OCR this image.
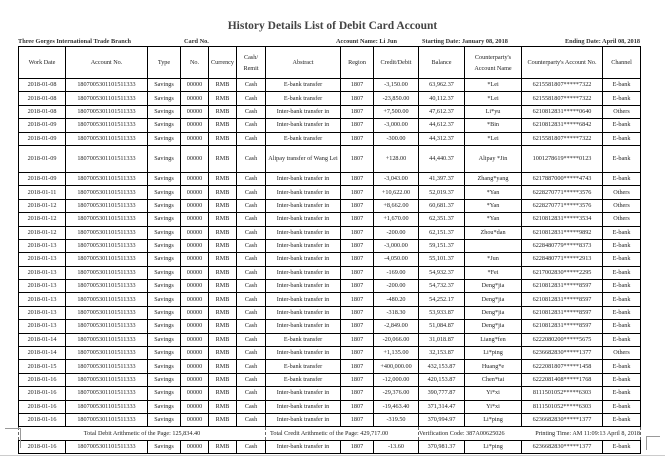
History Details List of Debit Card Account
Three Gorges International Trade Branch	Card No.	Account Name: Li Jun	Starting Date: January 08, 2018	Ending Date: April 08, 2018
Work Date	Account No.	Type	No.	Currency	Cash/ Remit	Abstract	Region	Credit/Debit	Balance	Counterparty's Account Name	Counterparty's Account No.	Channel
2018-01-08	1807005301101511333	Savings	00000	RMB	Cash	E-bank transfer	1807	-3,150.00	63,962.37	*Lei	6215581807*****7322	E-bank
2018-01-08	1807005301101511333	Savings	00000	RMB	Cash	E-bank transfer	1807	-23,850.00	40,112.37	*Lei	6215581807*****7322	E-bank
2018-01-08	1807005301101511333	Savings	00000	RMB	Cash	Inter-bank transfer in	1807	+7,500.00	47,612.37	Li*yu	6210812831*****0640	Others
2018-01-09	1807005301101511333	Savings	00000	RMB	Cash	Inter-bank transfer in	1807	-3,000.00	44,612.37	*Bin	6210812831*****6842	E-bank
2018-01-09	1807005301101511333	Savings	00000	RMB	Cash	E-bank transfer	1807	-300.00	44,312.37	*Lei	6215581807*****7322	E-bank
2018-01-09	1807005301101511333	Savings	00000	RMB	Cash	Alipay transfer of Wang Lei	1807	+128.00	44,440.37	Alipay *Jin	1001278619*****0123	E-bank
2018-01-09	1807005301101511333	Savings	00000	RMB	Cash	Inter-bank transfer in	1807	-3,043.00	41,397.37	Zhang*yang	6217887000*****4743	E-bank
2018-01-11	1807005301101511333	Savings	00000	RMB	Cash	Inter-bank transfer in	1807	+10,622.00	52,019.37	*Yan	6228270771*****3576	Others
2018-01-12	1807005301101511333	Savings	00000	RMB	Cash	Inter-bank transfer in	1807	+8,662.00	60,681.37	*Yan	6228270771*****3576	Others
2018-01-12	1807005301101511333	Savings	00000	RMB	Cash	Inter-bank transfer in	1807	+1,670.00	62,351.37	*Yan	6210812831*****3534	Others
2018-01-12	1807005301101511333	Savings	00000	RMB	Cash	Inter-bank transfer in	1807	-200.00	62,151.37	Zhou*dan	6210812831*****9892	E-bank
2018-01-13	1807005301101511333	Savings	00000	RMB	Cash	Inter-bank transfer in	1807	-3,000.00	59,151.37		6228480779*****8373	E-bank
2018-01-13	1807005301101511333	Savings	00000	RMB	Cash	Inter-bank transfer in	1807	-4,050.00	55,101.37	*Jun	6228480771*****2913	E-bank
2018-01-13	1807005301101511333	Savings	00000	RMB	Cash	Inter-bank transfer in	1807	-169.00	54,932.37	*Fei	6217002830*****2295	E-bank
2018-01-13	1807005301101511333	Savings	00000	RMB	Cash	Inter-bank transfer in	1807	-200.00	54,732.37	Deng*jia	6210812831*****8597	E-bank
2018-01-13	1807005301101511333	Savings	00000	RMB	Cash	Inter-bank transfer in	1807	-480.20	54,252.17	Deng*jia	6210812831*****8597	E-bank
2018-01-13	1807005301101511333	Savings	00000	RMB	Cash	Inter-bank transfer in	1807	-318.30	53,933.87	Deng*jia	6210812831*****8597	E-bank
2018-01-13	1807005301101511333	Savings	00000	RMB	Cash	Inter-bank transfer in	1807	-2,849.00	51,084.87	Deng*jia	6210812831*****8597	E-bank
2018-01-14	1807005301101511333	Savings	00000	RMB	Cash	E-bank transfer	1807	-20,066.00	31,018.87	Liang*fen	6222080200*****5675	E-bank
2018-01-14	1807005301101511333	Savings	00000	RMB	Cash	Inter-bank transfer in	1807	+1,135.00	32,153.87	Li*ping	6236682830*****1377	Others
2018-01-15	1807005301101511333	Savings	00000	RMB	Cash	E-bank transfer	1807	+400,000.00	432,153.87	Huang*e	6222081807*****1458	E-bank
2018-01-16	1807005301101511333	Savings	00000	RMB	Cash	E-bank transfer	1807	-12,000.00	420,153.87	Chen*tai	6222081408*****1768	E-bank
2018-01-16	1807005301101511333	Savings	00000	RMB	Cash	Inter-bank transfer in	1807	-29,376.00	390,777.87	Yi*xi	8111501052*****6303	E-bank
2018-01-16	1807005301101511333	Savings	00000	RMB	Cash	Inter-bank transfer in	1807	-19,463.40	371,314.47	Yi*xi	8111501052*****6303	E-bank
2018-01-16	1807005301101511333	Savings	00000	RMB	Cash	Inter-bank transfer in	1807	-319.50	370,994.97	Li*ping	6236682830*****1377	E-bank
Total Debit Arithmetic of the Page: 125,834.40						Total Credit Arithmetic of the Page: 429,717.00			Verification Code: 387A00625026		Printing Time: AM 11:09:13 April 8, 2018	
2018-01-16	1807005301101511333	Savings	00000	RMB	Cash	Inter-bank transfer in	1807	-13.60	370,981.37	Li*ping	6236682830*****1377	E-bank
